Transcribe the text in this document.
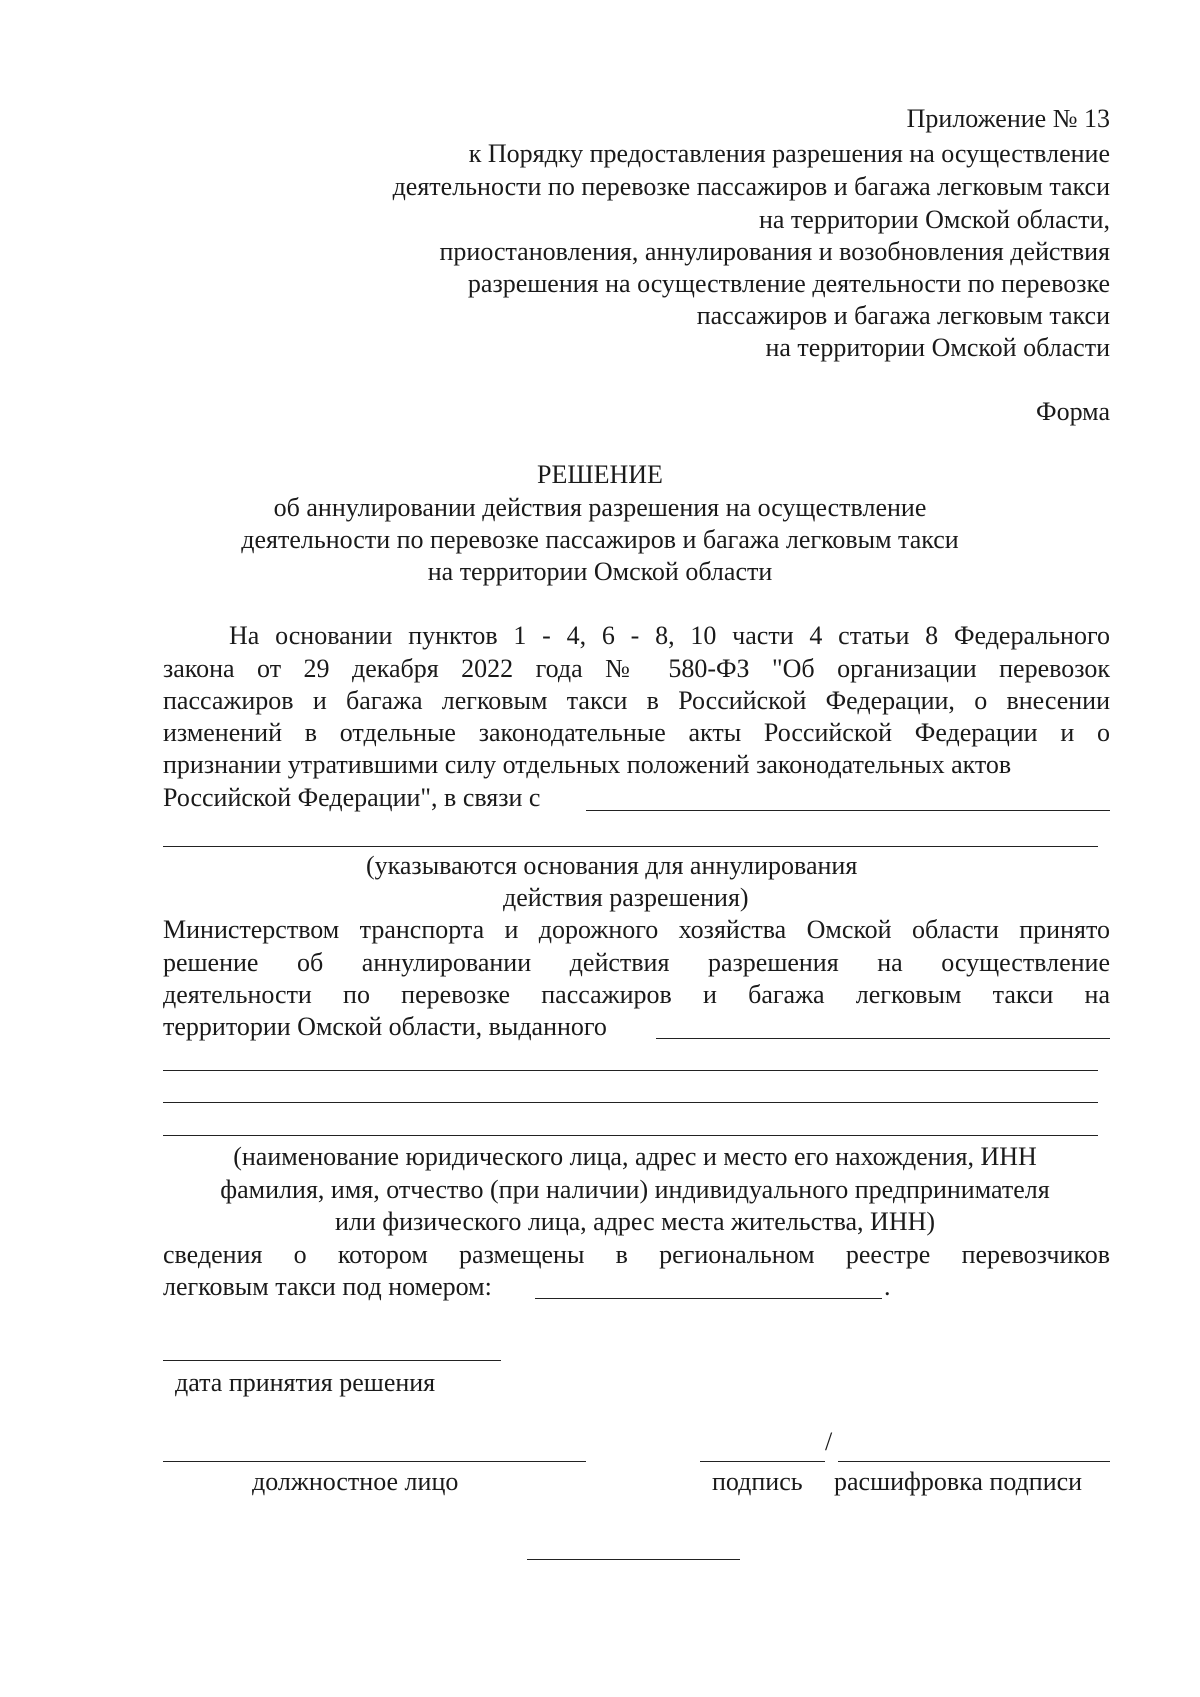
Приложение № 13
к Порядку предоставления разрешения на осуществление
деятельности по перевозке пассажиров и багажа легковым такси
на территории Омской области,
приостановления, аннулирования и возобновления действия
разрешения на осуществление деятельности по перевозке
пассажиров и багажа легковым такси
на территории Омской области
Форма
РЕШЕНИЕ
об аннулировании действия разрешения на осуществление
деятельности по перевозке пассажиров и багажа легковым такси
на территории Омской области
На основании пунктов 1 - 4, 6 - 8, 10 части 4 статьи 8 Федерального
закона от 29 декабря 2022 года № 580-ФЗ "Об организации перевозок
пассажиров и багажа легковым такси в Российской Федерации, о внесении
изменений в отдельные законодательные акты Российской Федерации и о
признании утратившими силу отдельных положений законодательных актов
Российской Федерации", в связи с
(указываются основания для аннулирования
действия разрешения)
Министерством транспорта и дорожного хозяйства Омской области принято
решение об аннулировании действия разрешения на осуществление
деятельности по перевозке пассажиров и багажа легковым такси на
территории Омской области, выданного
(наименование юридического лица, адрес и место его нахождения, ИНН
фамилия, имя, отчество (при наличии) индивидуального предпринимателя
или физического лица, адрес места жительства, ИНН)
сведения о котором размещены в региональном реестре перевозчиков
легковым такси под номером:	.
дата принятия решения
должностное лицо
/
подпись расшифровка подписи
